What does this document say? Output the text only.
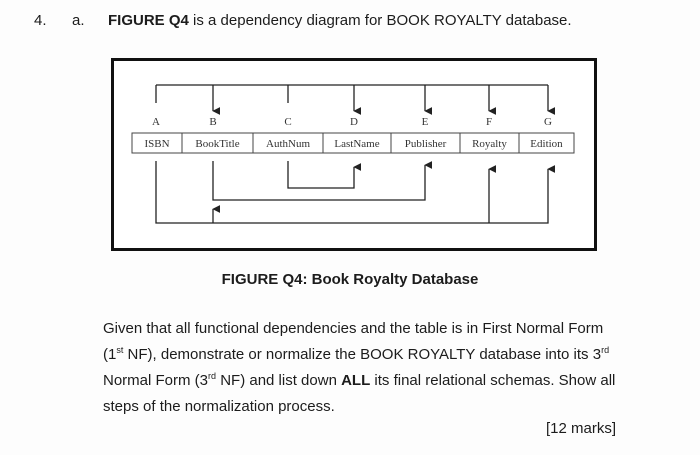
4. a. FIGURE Q4 is a dependency diagram for BOOK ROYALTY database.
A	B	C	D	E	F	G
ISBN BookTitle AuthNum LastName Publisher Royalty Edition
FIGURE Q4: Book Royalty Database

Given that all functional dependencies and the table is in First Normal Form

(1st NF), demonstrate or normalize the BOOK ROYALTY database into its 3rd

Normal Form (3rd NF) and list down ALL its final relational schemas. Show all

steps of the normalization process.

[12 marks]
